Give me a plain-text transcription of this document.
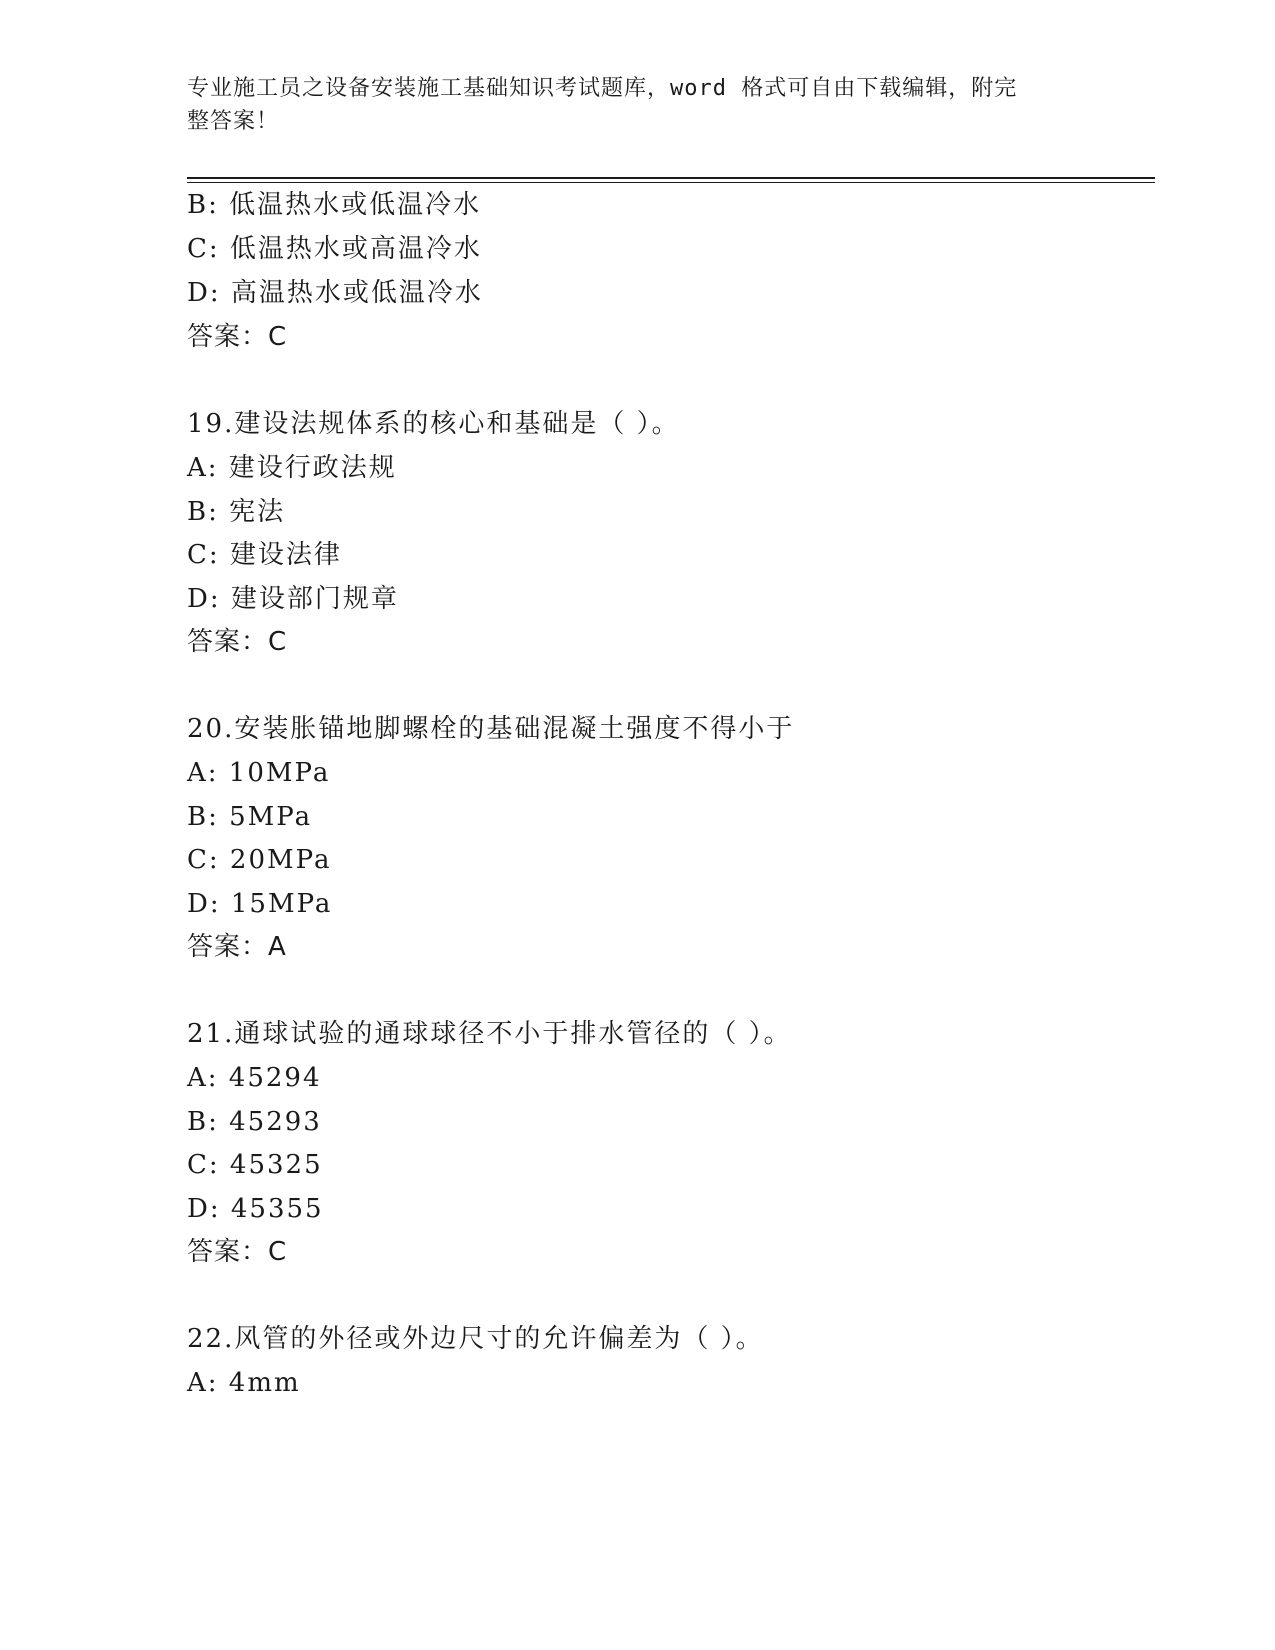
专业施工员之设备安装施工基础知识考试题库，word 格式可自由下载编辑，附完
整答案！
B: 低温热水或低温冷水
C: 低温热水或高温冷水
D: 高温热水或低温冷水
答案：C
19.建设法规体系的核心和基础是（ ）。
A: 建设行政法规
B: 宪法
C: 建设法律
D: 建设部门规章
答案：C
20.安装胀锚地脚螺栓的基础混凝土强度不得小于
A: 10MPa
B: 5MPa
C: 20MPa
D: 15MPa
答案：A
21.通球试验的通球球径不小于排水管径的（ ）。
A: 45294
B: 45293
C: 45325
D: 45355
答案：C
22.风管的外径或外边尺寸的允许偏差为（ ）。
A: 4mm
